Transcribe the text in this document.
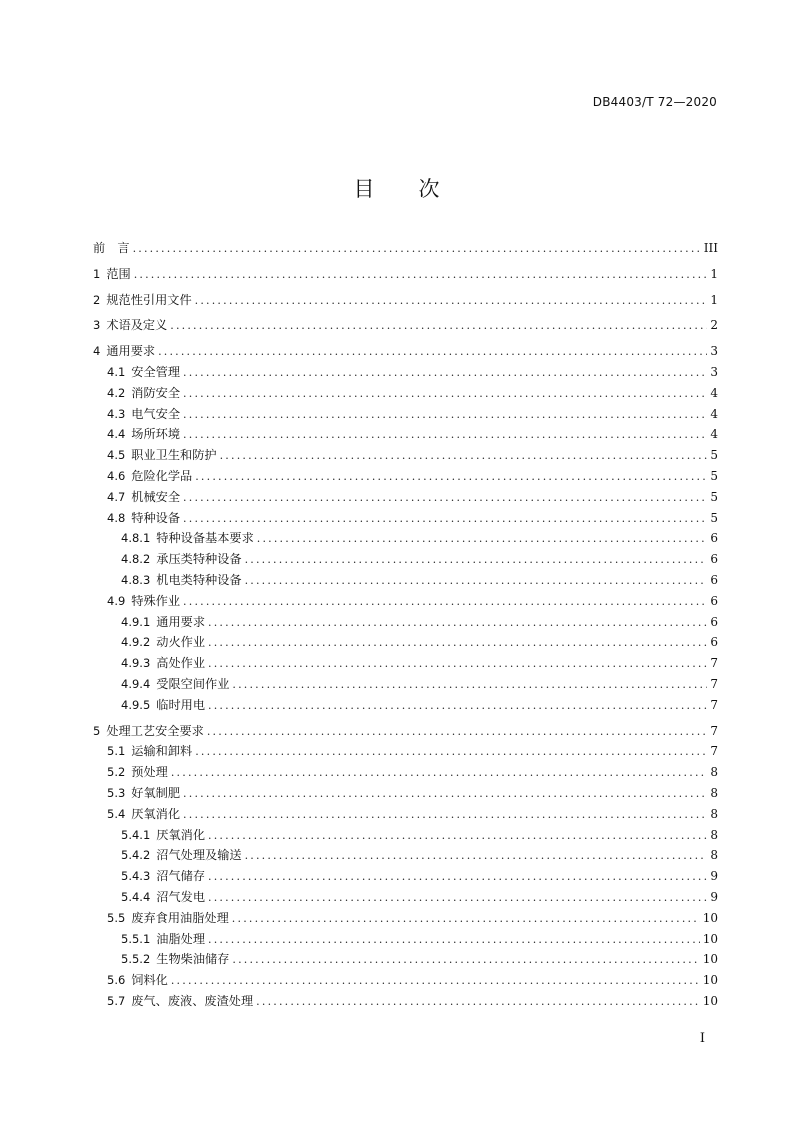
DB4403/T 72—2020
目 次
前　言 .....	III
1 范围 .....	1
2 规范性引用文件 .....	1
3 术语及定义 .....	2
4 通用要求 .....	3
4.1 安全管理 .....	3
4.2 消防安全 .....	4
4.3 电气安全 .....	4
4.4 场所环境 .....	4
4.5 职业卫生和防护 .....	5
4.6 危险化学品 .....	5
4.7 机械安全 .....	5
4.8 特种设备 .....	5
4.8.1 特种设备基本要求 .....	6
4.8.2 承压类特种设备 .....	6
4.8.3 机电类特种设备 .....	6
4.9 特殊作业 .....	6
4.9.1 通用要求 .....	6
4.9.2 动火作业 .....	6
4.9.3 高处作业 .....	7
4.9.4 受限空间作业 .....	7
4.9.5 临时用电 .....	7
5 处理工艺安全要求 .....	7
5.1 运输和卸料 .....	7
5.2 预处理 .....	8
5.3 好氧制肥 .....	8
5.4 厌氧消化 .....	8
5.4.1 厌氧消化 .....	8
5.4.2 沼气处理及输送 .....	8
5.4.3 沼气储存 .....	9
5.4.4 沼气发电 .....	9
5.5 废弃食用油脂处理 .....	10
5.5.1 油脂处理 .....	10
5.5.2 生物柴油储存 .....	10
5.6 饲料化 .....	10
5.7 废气、废液、废渣处理 .....	10
I
